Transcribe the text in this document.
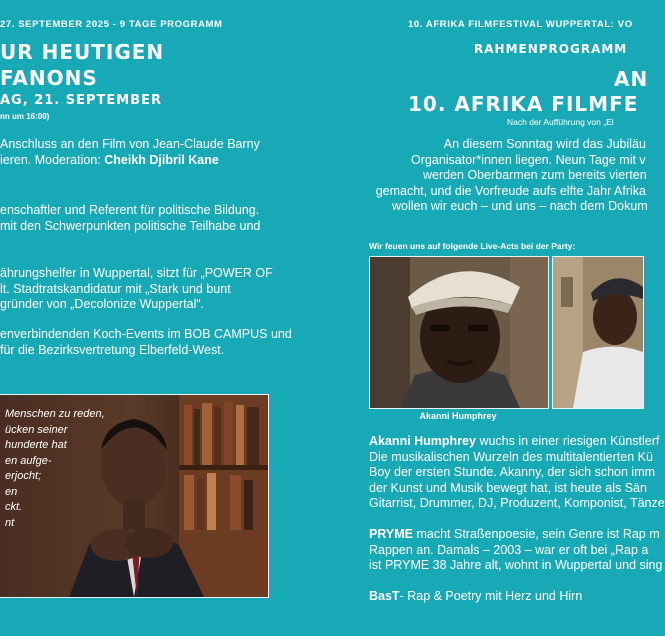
27. SEPTEMBER 2025 - 9 TAGE PROGRAMM
UR HEUTIGEN
FANONS
AG, 21. SEPTEMBER
nn um 16:00)
Anschluss an den Film von Jean-Claude Barny
ieren. Moderation: Cheikh Djibril Kane
enschaftler und Referent für politische Bildung.
mit den Schwerpunkten politische Teilhabe und
ährungshelfer in Wuppertal, sitzt für „POWER OF
lt. Stadtratskandidatur mit „Stark und bunt
gründer von „Decolonize Wuppertal“.
enverbindenden Koch-Events im BOB CAMPUS und
für die Bezirksvertretung Elberfeld-West.
Menschen zu reden,
ücken seiner
hunderte hat
en aufge-
erjocht;
en
ckt.
nt
10. AFRIKA FILMFESTIVAL WUPPERTAL: VO
RAHMENPROGRAMM
AN
10. AFRIKA FILMFE
Nach der Aufführung von „El
An diesem Sonntag wird das Jubiläu
Organisator*innen liegen. Neun Tage mit v
werden Oberbarmen zum bereits vierten
gemacht, und die Vorfreude aufs elfte Jahr Afrika
wollen wir euch – und uns – nach dem Dokum
Wir feuen uns auf folgende Live-Acts bei der Party:
Akanni Humphrey
Akanni Humphrey wuchs in einer riesigen Künstlerf
Die musikalischen Wurzeln des multitalentierten Kü
Boy der ersten Stunde. Akanny, der sich schon imm
der Kunst und Musik bewegt hat, ist heute als Sän
Gitarrist, Drummer, DJ, Produzent, Komponist, Tänze
PRYME macht Straßenpoesie, sein Genre ist Rap m
Rappen an. Damals – 2003 – war er oft bei „Rap a
ist PRYME 38 Jahre alt, wohnt in Wuppertal und sing
BasT- Rap & Poetry mit Herz und Hirn
